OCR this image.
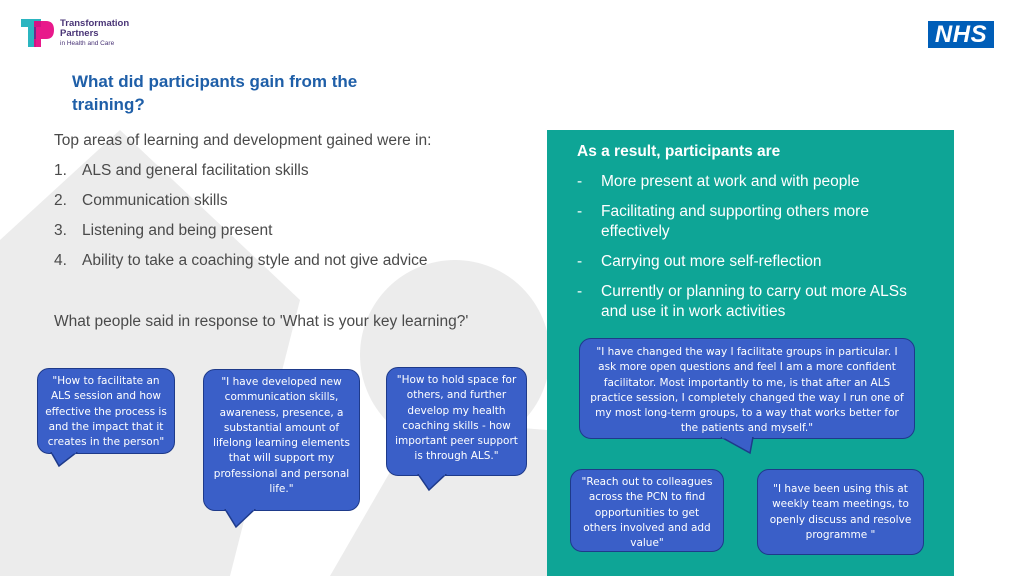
Transformation
Partners
in Health and Care	NHS
What did participants gain from the training?
Top areas of learning and development gained were in:
1. ALS and general facilitation skills
2. Communication skills
3. Listening and being present
4. Ability to take a coaching style and not give advice
What people said in response to 'What is your key learning?'
As a result, participants are
- More present at work and with people
- Facilitating and supporting others more effectively
- Carrying out more self-reflection
- Currently or planning to carry out more ALSs and use it in work activities
"How to facilitate an ALS session and how effective the process is and the impact that it creates in the person"
"I have developed new communication skills, awareness, presence, a substantial amount of lifelong learning elements that will support my professional and personal life."
"How to hold space for others, and further develop my health coaching skills - how important peer support is through ALS."
"I have changed the way I facilitate groups in particular. I ask more open questions and feel I am a more confident facilitator. Most importantly to me, is that after an ALS practice session, I completely changed the way I run one of my most long-term groups, to a way that works better for the patients and myself."
"Reach out to colleagues across the PCN to find opportunities to get others involved and add value"
"I have been using this at weekly team meetings, to openly discuss and resolve programme "
